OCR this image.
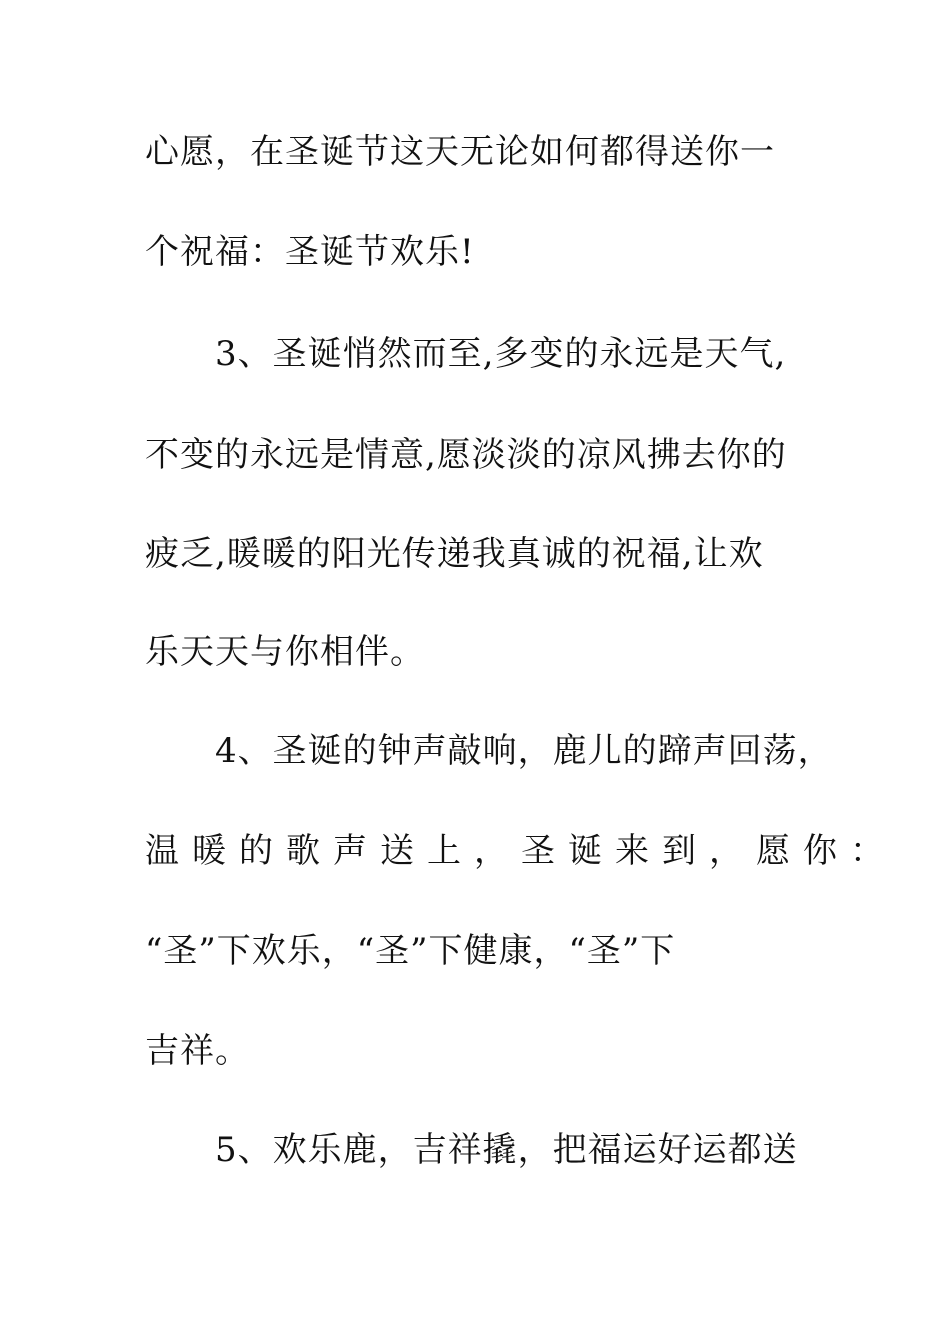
心愿，在圣诞节这天无论如何都得送你一
个祝福：圣诞节欢乐!
3、圣诞悄然而至,多变的永远是天气,
不变的永远是情意,愿淡淡的凉风拂去你的
疲乏,暖暖的阳光传递我真诚的祝福,让欢
乐天天与你相伴。
4、圣诞的钟声敲响，鹿儿的蹄声回荡，
温暖的歌声送上，圣诞来到，愿你：
“圣”下欢乐，“圣”下健康，“圣”下
吉祥。
5、欢乐鹿，吉祥撬，把福运好运都送
